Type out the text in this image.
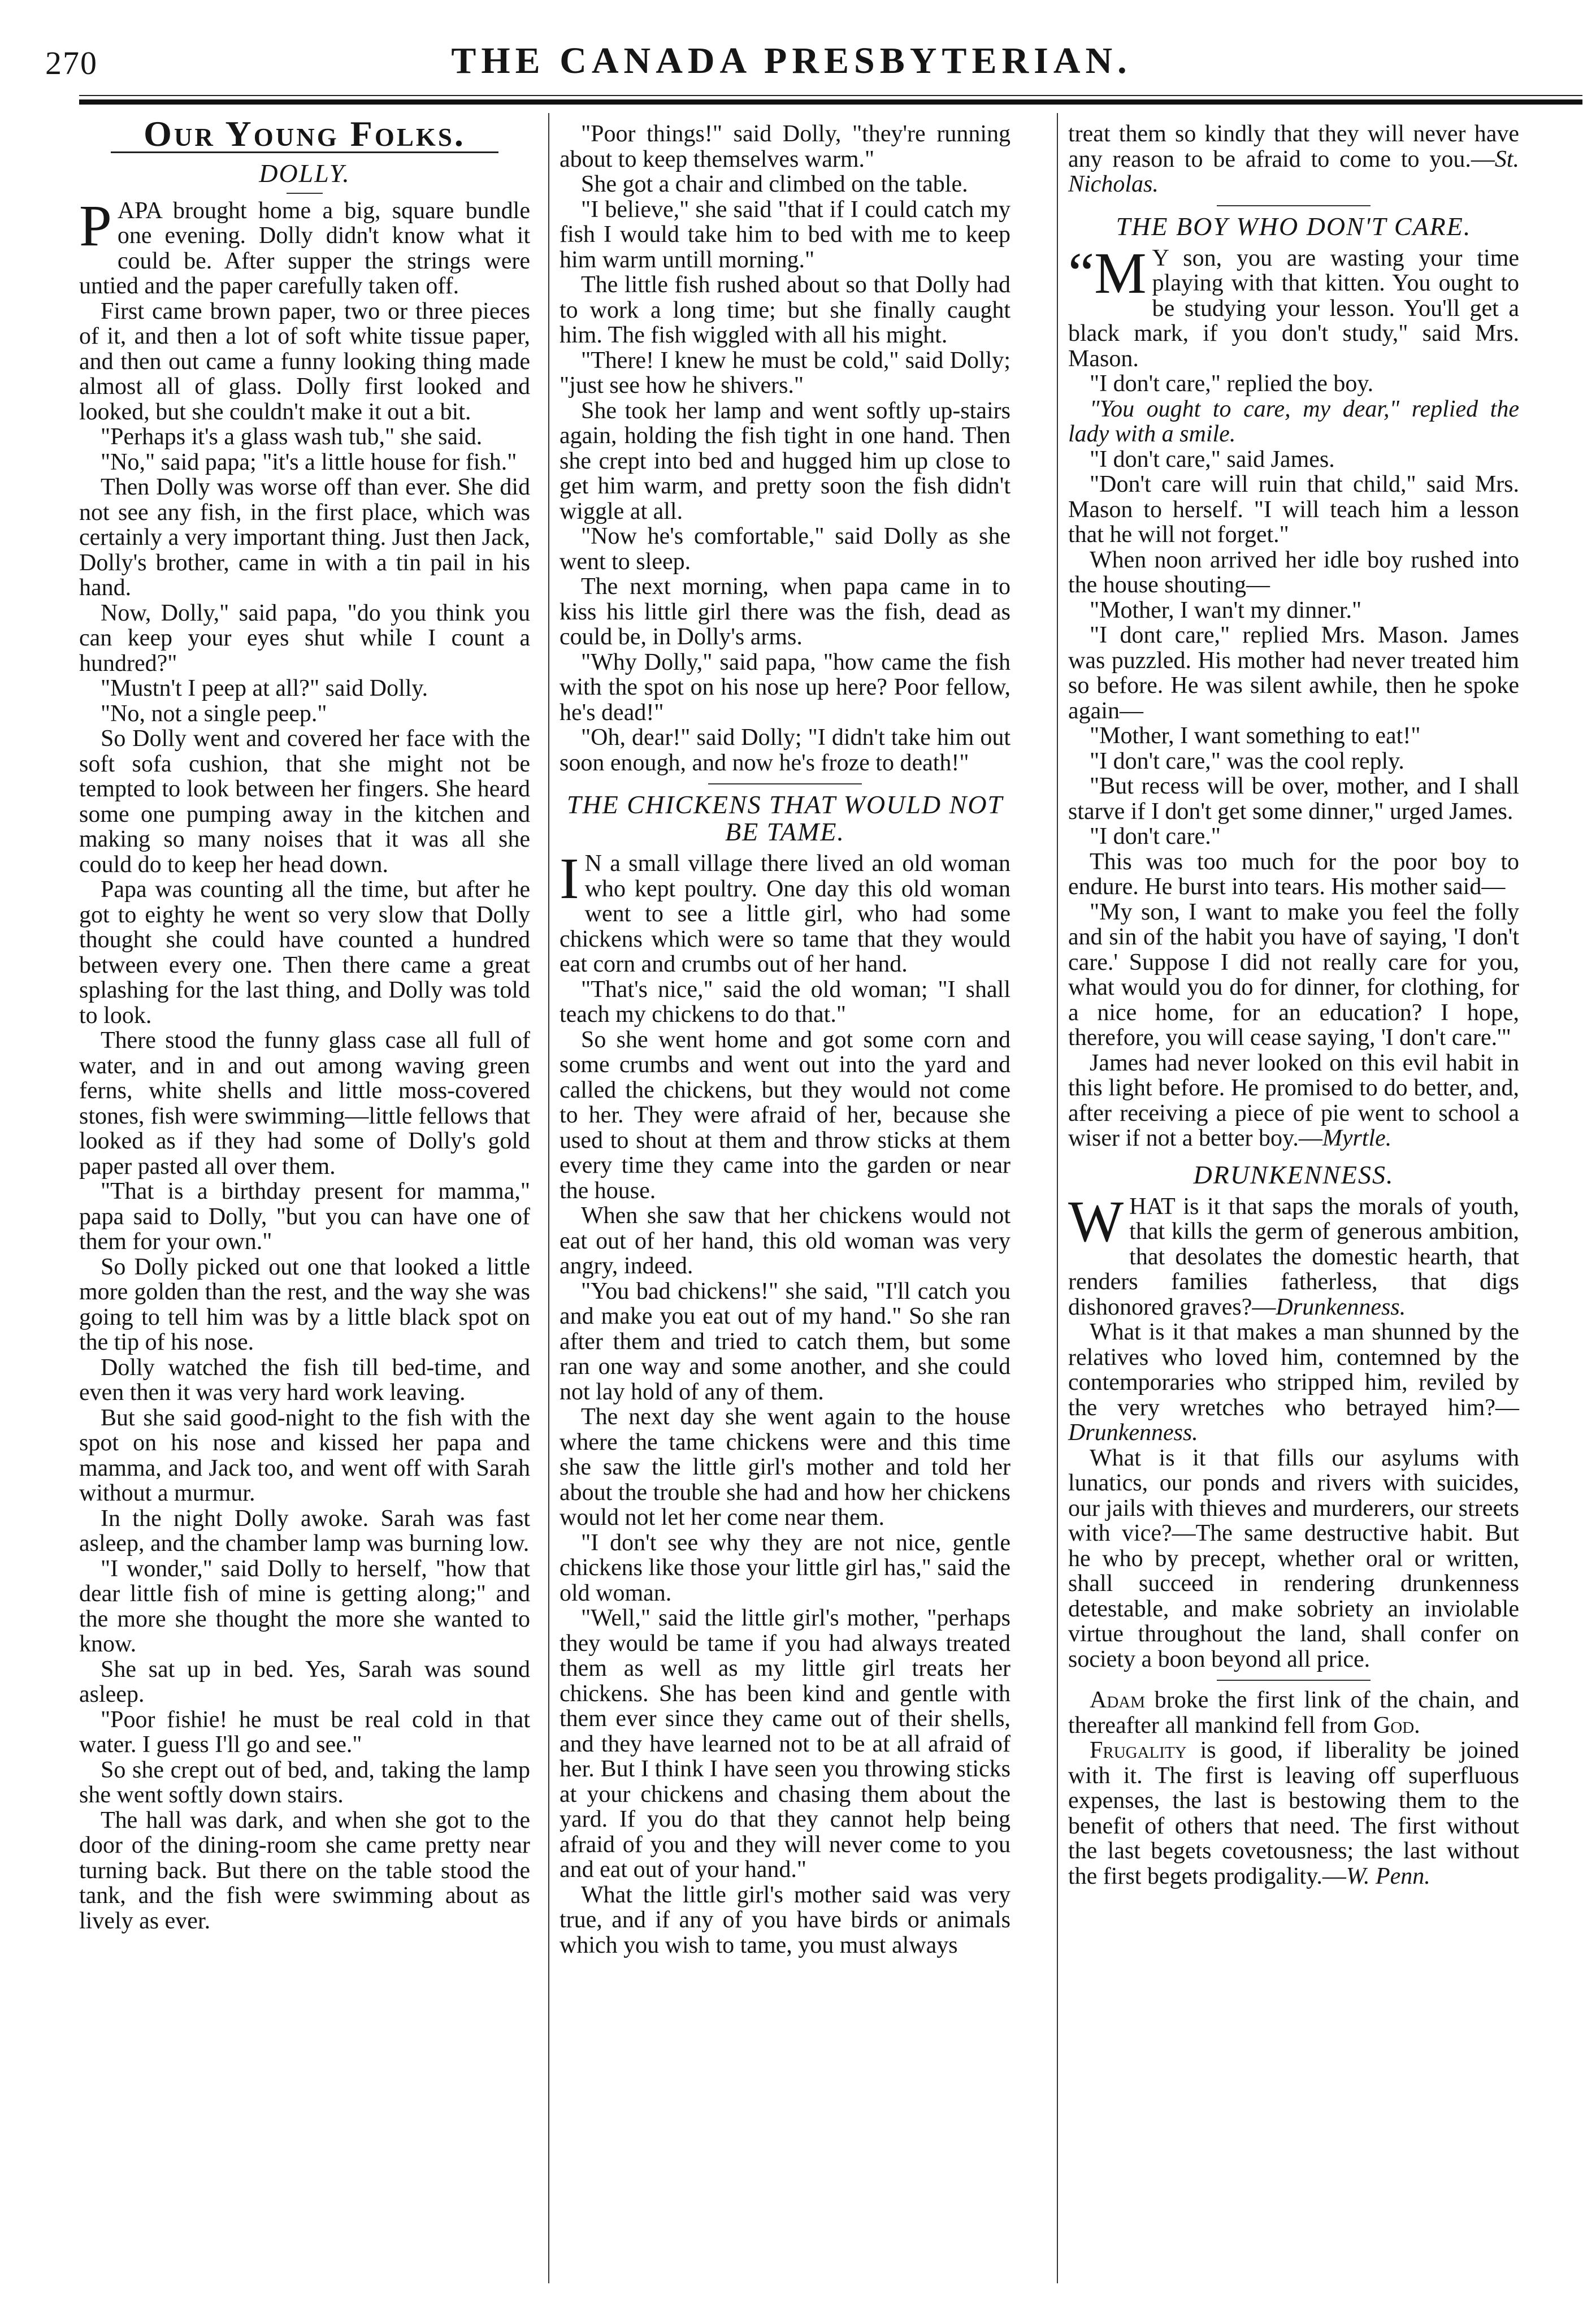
270	THE CANADA PRESBYTERIAN.
Our Young Folks.
DOLLY.

PAPA brought home a big, square bundle one evening. Dolly didn't know what it could be. After supper the strings were untied and the paper carefully taken off.

First came brown paper, two or three pieces of it, and then a lot of soft white tissue paper, and then out came a funny looking thing made almost all of glass. Dolly first looked and looked, but she couldn't make it out a bit.

"Perhaps it's a glass wash tub," she said.

"No," said papa; "it's a little house for fish."

Then Dolly was worse off than ever. She did not see any fish, in the first place, which was certainly a very important thing. Just then Jack, Dolly's brother, came in with a tin pail in his hand.

Now, Dolly," said papa, "do you think you can keep your eyes shut while I count a hundred?"

"Mustn't I peep at all?" said Dolly.

"No, not a single peep."

So Dolly went and covered her face with the soft sofa cushion, that she might not be tempted to look between her fingers. She heard some one pumping away in the kitchen and making so many noises that it was all she could do to keep her head down.

Papa was counting all the time, but after he got to eighty he went so very slow that Dolly thought she could have counted a hundred between every one. Then there came a great splashing for the last thing, and Dolly was told to look.

There stood the funny glass case all full of water, and in and out among waving green ferns, white shells and little moss-covered stones, fish were swimming—little fellows that looked as if they had some of Dolly's gold paper pasted all over them.

"That is a birthday present for mamma," papa said to Dolly, "but you can have one of them for your own."

So Dolly picked out one that looked a little more golden than the rest, and the way she was going to tell him was by a little black spot on the tip of his nose.

Dolly watched the fish till bed-time, and even then it was very hard work leaving.

But she said good-night to the fish with the spot on his nose and kissed her papa and mamma, and Jack too, and went off with Sarah without a murmur.

In the night Dolly awoke. Sarah was fast asleep, and the chamber lamp was burning low.

"I wonder," said Dolly to herself, "how that dear little fish of mine is getting along;" and the more she thought the more she wanted to know.

She sat up in bed. Yes, Sarah was sound asleep.

"Poor fishie! he must be real cold in that water. I guess I'll go and see."

So she crept out of bed, and, taking the lamp she went softly down stairs.

The hall was dark, and when she got to the door of the dining-room she came pretty near turning back. But there on the table stood the tank, and the fish were swimming about as lively as ever.

"Poor things!" said Dolly, "they're running about to keep themselves warm."

She got a chair and climbed on the table.

"I believe," she said "that if I could catch my fish I would take him to bed with me to keep him warm untill morning."

The little fish rushed about so that Dolly had to work a long time; but she finally caught him. The fish wiggled with all his might.

"There! I knew he must be cold," said Dolly; "just see how he shivers."

She took her lamp and went softly up-stairs again, holding the fish tight in one hand. Then she crept into bed and hugged him up close to get him warm, and pretty soon the fish didn't wiggle at all.

"Now he's comfortable," said Dolly as she went to sleep.

The next morning, when papa came in to kiss his little girl there was the fish, dead as could be, in Dolly's arms.

"Why Dolly," said papa, "how came the fish with the spot on his nose up here? Poor fellow, he's dead!"

"Oh, dear!" said Dolly; "I didn't take him out soon enough, and now he's froze to death!"

THE CHICKENS THAT WOULD NOT BE TAME.

I N a small village there lived an old woman who kept poultry. One day this old woman went to see a little girl, who had some chickens which were so tame that they would eat corn and crumbs out of her hand.

"That's nice," said the old woman; "I shall teach my chickens to do that."

So she went home and got some corn and some crumbs and went out into the yard and called the chickens, but they would not come to her. They were afraid of her, because she used to shout at them and throw sticks at them every time they came into the garden or near the house.

When she saw that her chickens would not eat out of her hand, this old woman was very angry, indeed.

"You bad chickens!" she said, "I'll catch you and make you eat out of my hand." So she ran after them and tried to catch them, but some ran one way and some another, and she could not lay hold of any of them.

The next day she went again to the house where the tame chickens were and this time she saw the little girl's mother and told her about the trouble she had and how her chickens would not let her come near them.

"I don't see why they are not nice, gentle chickens like those your little girl has," said the old woman.

"Well," said the little girl's mother, "perhaps they would be tame if you had always treated them as well as my little girl treats her chickens. She has been kind and gentle with them ever since they came out of their shells, and they have learned not to be at all afraid of her. But I think I have seen you throwing sticks at your chickens and chasing them about the yard. If you do that they cannot help being afraid of you and they will never come to you and eat out of your hand."

What the little girl's mother said was very true, and if any of you have birds or animals which you wish to tame, you must always

treat them so kindly that they will never have any reason to be afraid to come to you.—St. Nicholas.

THE BOY WHO DON'T CARE.

“M Y son, you are wasting your time playing with that kitten. You ought to be studying your lesson. You'll get a black mark, if you don't study," said Mrs. Mason.

"I don't care," replied the boy.

"You ought to care, my dear," replied the lady with a smile.

"I don't care," said James.

"Don't care will ruin that child," said Mrs. Mason to herself. "I will teach him a lesson that he will not forget."

When noon arrived her idle boy rushed into the house shouting—

"Mother, I wan't my dinner."

"I dont care," replied Mrs. Mason. James was puzzled. His mother had never treated him so before. He was silent awhile, then he spoke again—

"Mother, I want something to eat!"

"I don't care," was the cool reply.

"But recess will be over, mother, and I shall starve if I don't get some dinner," urged James.

"I don't care."

This was too much for the poor boy to endure. He burst into tears. His mother said—

"My son, I want to make you feel the folly and sin of the habit you have of saying, 'I don't care.' Suppose I did not really care for you, what would you do for dinner, for clothing, for a nice home, for an education? I hope, therefore, you will cease saying, 'I don't care.'"

James had never looked on this evil habit in this light before. He promised to do better, and, after receiving a piece of pie went to school a wiser if not a better boy.—Myrtle.

DRUNKENNESS.

WHAT is it that saps the morals of youth, that kills the germ of generous ambition, that desolates the domestic hearth, that renders families fatherless, that digs dishonored graves?—Drunkenness.

What is it that makes a man shunned by the relatives who loved him, contemned by the contemporaries who stripped him, reviled by the very wretches who betrayed him?—Drunkenness.

What is it that fills our asylums with lunatics, our ponds and rivers with suicides, our jails with thieves and murderers, our streets with vice?—The same destructive habit. But he who by precept, whether oral or written, shall succeed in rendering drunkenness detestable, and make sobriety an inviolable virtue throughout the land, shall confer on society a boon beyond all price.

Adam broke the first link of the chain, and thereafter all mankind fell from God.

Frugality is good, if liberality be joined with it. The first is leaving off superfluous expenses, the last is bestowing them to the benefit of others that need. The first without the last begets covetousness; the last without the first begets prodigality.—W. Penn.
